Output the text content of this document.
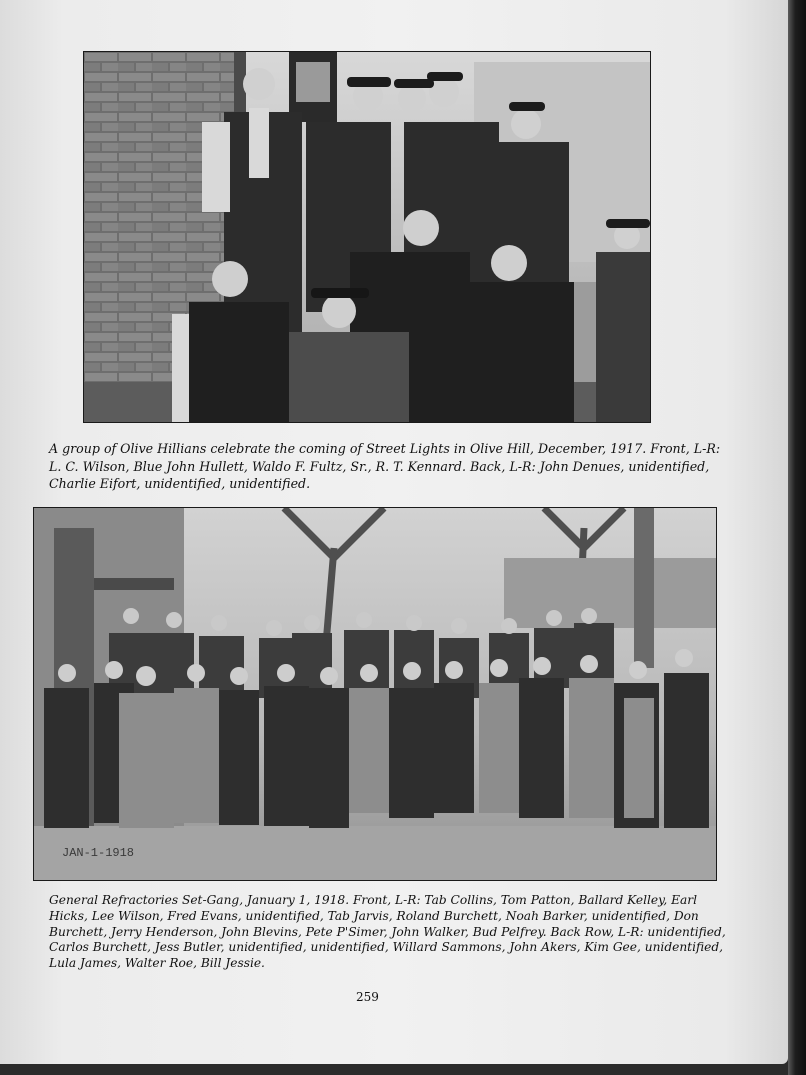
A group of Olive Hillians celebrate the coming of Street Lights in Olive Hill, December, 1917. Front, L-R: L. C. Wilson, Blue John Hullett, Waldo F. Fultz, Sr., R. T. Kennard. Back, L-R: John Denues, unidentified, Charlie Eifort, unidentified, unidentified.

JAN-1-1918

General Refractories Set-Gang, January 1, 1918. Front, L-R: Tab Collins, Tom Patton, Ballard Kelley, Earl Hicks, Lee Wilson, Fred Evans, unidentified, Tab Jarvis, Roland Burchett, Noah Barker, unidentified, Don Burchett, Jerry Henderson, John Blevins, Pete P'Simer, John Walker, Bud Pelfrey. Back Row, L-R: unidentified, Carlos Burchett, Jess Butler, unidentified, unidentified, Willard Sammons, John Akers, Kim Gee, unidentified, Lula James, Walter Roe, Bill Jessie.

259
